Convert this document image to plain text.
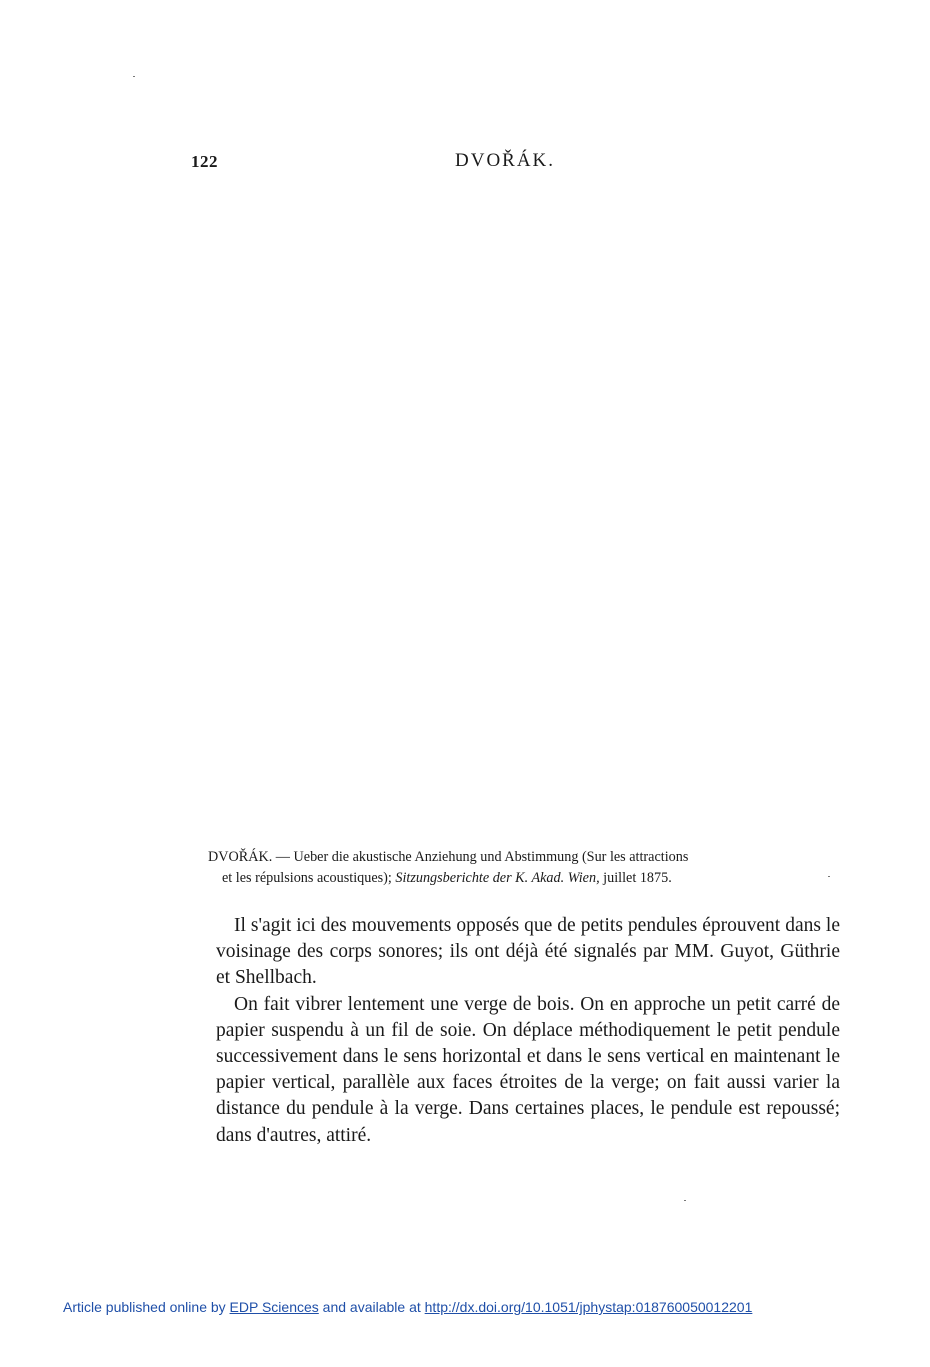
122	DVOŘÁK.
DVOŘÁK. — Ueber die akustische Anziehung und Abstimmung (Sur les attractions
et les répulsions acoustiques); Sitzungsberichte der K. Akad. Wien, juillet 1875.

Il s'agit ici des mouvements opposés que de petits pendules éprouvent dans le voisinage des corps sonores; ils ont déjà été signalés par MM. Guyot, Güthrie et Shellbach.

On fait vibrer lentement une verge de bois. On en approche un petit carré de papier suspendu à un fil de soie. On déplace méthodiquement le petit pendule successivement dans le sens horizontal et dans le sens vertical en maintenant le papier vertical, parallèle aux faces étroites de la verge; on fait aussi varier la distance du pendule à la verge. Dans certaines places, le pendule est repoussé; dans d'autres, attiré.

Article published online by EDP Sciences and available at http://dx.doi.org/10.1051/jphystap:018760050012201
